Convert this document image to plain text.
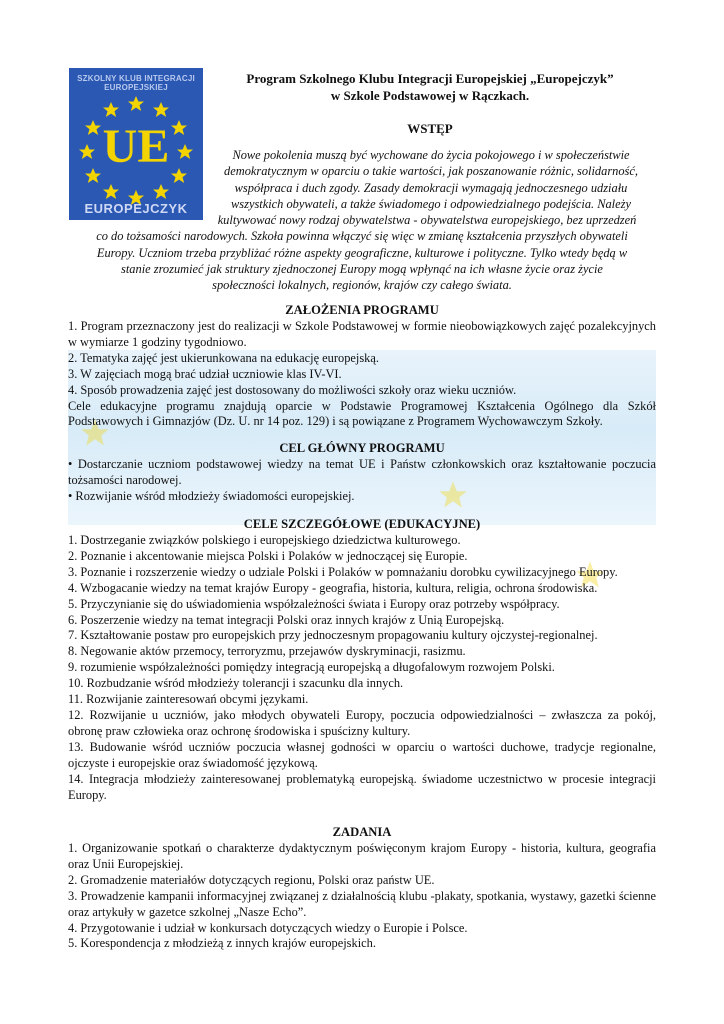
SZKOLNY KLUB INTEGRACJI EUROPEJSKIEJ
UE
EUROPEJCZYK
Program Szkolnego Klubu Integracji Europejskiej „Europejczyk”
w Szkole Podstawowej w Rączkach.
WSTĘP
Nowe pokolenia muszą być wychowane do życia pokojowego i w społeczeństwie
demokratycznym w oparciu o takie wartości, jak poszanowanie różnic, solidarność,
współpraca i duch zgody. Zasady demokracji wymagają jednoczesnego udziału
wszystkich obywateli, a także świadomego i odpowiedzialnego podejścia. Należy
kultywować nowy rodzaj obywatelstwa - obywatelstwa europejskiego, bez uprzedzeń
co do tożsamości narodowych. Szkoła powinna włączyć się więc w zmianę kształcenia przyszłych obywateli
Europy. Uczniom trzeba przybliżać różne aspekty geograficzne, kulturowe i polityczne. Tylko wtedy będą w
stanie zrozumieć jak struktury zjednoczonej Europy mogą wpłynąć na ich własne życie oraz życie
społeczności lokalnych, regionów, krajów czy całego świata.
ZAŁOŻENIA PROGRAMU

1. Program przeznaczony jest do realizacji w Szkole Podstawowej w formie nieobowiązkowych zajęć pozalekcyjnych w wymiarze 1 godziny tygodniowo.

2. Tematyka zajęć jest ukierunkowana na edukację europejską.

3. W zajęciach mogą brać udział uczniowie klas IV-VI.

4. Sposób prowadzenia zajęć jest dostosowany do możliwości szkoły oraz wieku uczniów.

Cele edukacyjne programu znajdują oparcie w Podstawie Programowej Kształcenia Ogólnego dla Szkół Podstawowych i Gimnazjów (Dz. U. nr 14 poz. 129) i są powiązane z Programem Wychowawczym Szkoły.

CEL GŁÓWNY PROGRAMU

• Dostarczanie uczniom podstawowej wiedzy na temat UE i Państw członkowskich oraz kształtowanie poczucia tożsamości narodowej.

• Rozwijanie wśród młodzieży świadomości europejskiej.

CELE SZCZEGÓŁOWE (EDUKACYJNE)

1. Dostrzeganie związków polskiego i europejskiego dziedzictwa kulturowego.

2. Poznanie i akcentowanie miejsca Polski i Polaków w jednoczącej się Europie.

3. Poznanie i rozszerzenie wiedzy o udziale Polski i Polaków w pomnażaniu dorobku cywilizacyjnego Europy.

4. Wzbogacanie wiedzy na temat krajów Europy - geografia, historia, kultura, religia, ochrona środowiska.

5. Przyczynianie się do uświadomienia współzależności świata i Europy oraz potrzeby współpracy.

6. Poszerzenie wiedzy na temat integracji Polski oraz innych krajów z Unią Europejską.

7. Kształtowanie postaw pro europejskich przy jednoczesnym propagowaniu kultury ojczystej-regionalnej.

8. Negowanie aktów przemocy, terroryzmu, przejawów dyskryminacji, rasizmu.

9. rozumienie współzależności pomiędzy integracją europejską a długofalowym rozwojem Polski.

10. Rozbudzanie wśród młodzieży tolerancji i szacunku dla innych.

11. Rozwijanie zainteresowań obcymi językami.

12. Rozwijanie u uczniów, jako młodych obywateli Europy, poczucia odpowiedzialności – zwłaszcza za pokój, obronę praw człowieka oraz ochronę środowiska i spuścizny kultury.

13. Budowanie wśród uczniów poczucia własnej godności w oparciu o wartości duchowe, tradycje regionalne, ojczyste i europejskie oraz świadomość językową.

14. Integracja młodzieży zainteresowanej problematyką europejską. świadome uczestnictwo w procesie integracji Europy.

ZADANIA

1. Organizowanie spotkań o charakterze dydaktycznym poświęconym krajom Europy - historia, kultura, geografia oraz Unii Europejskiej.

2. Gromadzenie materiałów dotyczących regionu, Polski oraz państw UE.

3. Prowadzenie kampanii informacyjnej związanej z działalnością klubu -plakaty, spotkania, wystawy, gazetki ścienne oraz artykuły w gazetce szkolnej „Nasze Echo”.

4. Przygotowanie i udział w konkursach dotyczących wiedzy o Europie i Polsce.

5. Korespondencja z młodzieżą z innych krajów europejskich.
